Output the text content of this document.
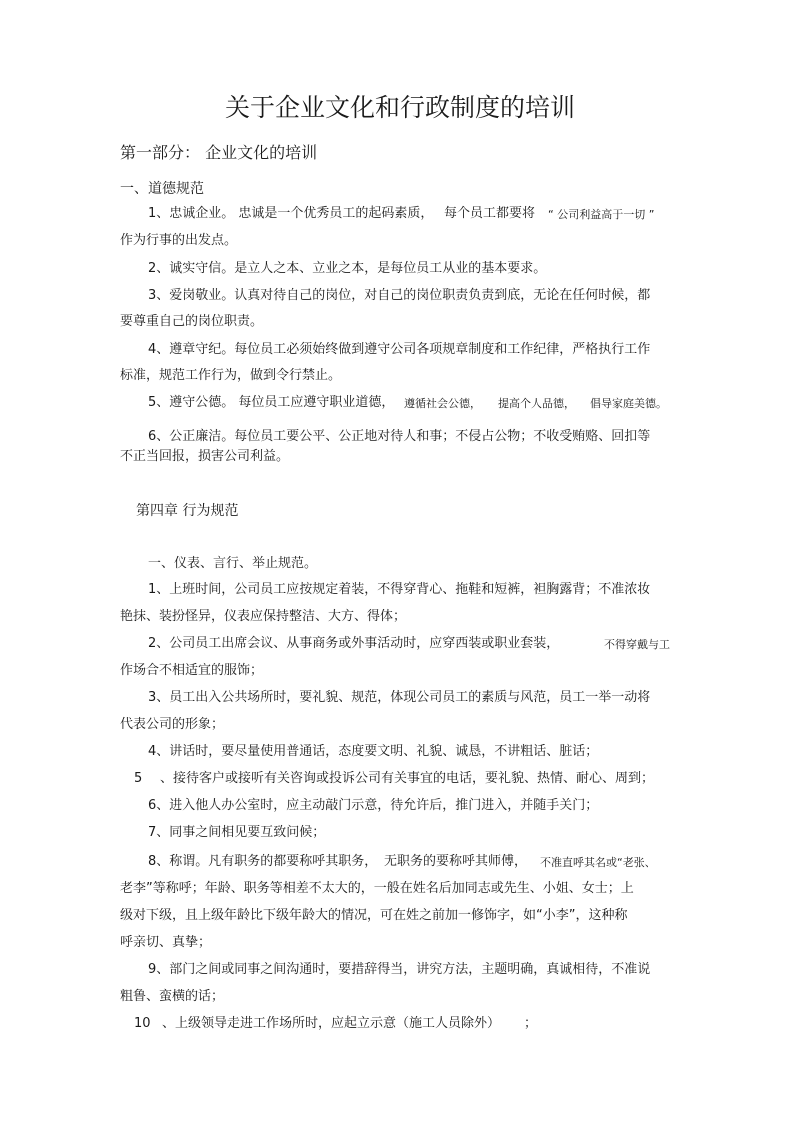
关于企业文化和行政制度的培训
第一部分： 企业文化的培训
一、道德规范
1、忠诚企业。 忠诚是一个优秀员工的起码素质， 每个员工都要将 “ 公司利益高于一切 ”
作为行事的出发点。
2、诚实守信。是立人之本、立业之本，是每位员工从业的基本要求。
3、爱岗敬业。认真对待自己的岗位，对自己的岗位职责负责到底，无论在任何时候，都
要尊重自己的岗位职责。
4、遵章守纪。每位员工必须始终做到遵守公司各项规章制度和工作纪律，严格执行工作
标准，规范工作行为，做到令行禁止。
5、遵守公德。 每位员工应遵守职业道德， 遵循社会公德， 提高个人品德， 倡导家庭美德。
6、公正廉洁。每位员工要公平、公正地对待人和事；不侵占公物；不收受贿赂、回扣等
不正当回报，损害公司利益。
第四章 行为规范
一、仪表、言行、举止规范。
1、上班时间，公司员工应按规定着装，不得穿背心、拖鞋和短裤，袒胸露背；不准浓妆
艳抹、装扮怪异，仪表应保持整洁、大方、得体；
2、公司员工出席会议、从事商务或外事活动时，应穿西装或职业套装，	不得穿戴与工
作场合不相适宜的服饰；
3、员工出入公共场所时，要礼貌、规范，体现公司员工的素质与风范，员工一举一动将
代表公司的形象；
4、讲话时，要尽量使用普通话，态度要文明、礼貌、诚恳，不讲粗话、脏话；
5 、接待客户或接听有关咨询或投诉公司有关事宜的电话，要礼貌、热情、耐心、周到；
6、进入他人办公室时，应主动敲门示意，待允许后，推门进入，并随手关门；
7、同事之间相见要互致问候；
8、称谓。凡有职务的都要称呼其职务， 无职务的要称呼其师傅， 不准直呼其名或“老张、
老李”等称呼；年龄、职务等相差不太大的，一般在姓名后加同志或先生、小姐、女士；上
级对下级，且上级年龄比下级年龄大的情况，可在姓之前加一修饰字，如“小李”，这种称
呼亲切、真挚；
9、部门之间或同事之间沟通时，要措辞得当，讲究方法，主题明确，真诚相待，不准说
粗鲁、蛮横的话；
10 、上级领导走进工作场所时，应起立示意（施工人员除外） ；
